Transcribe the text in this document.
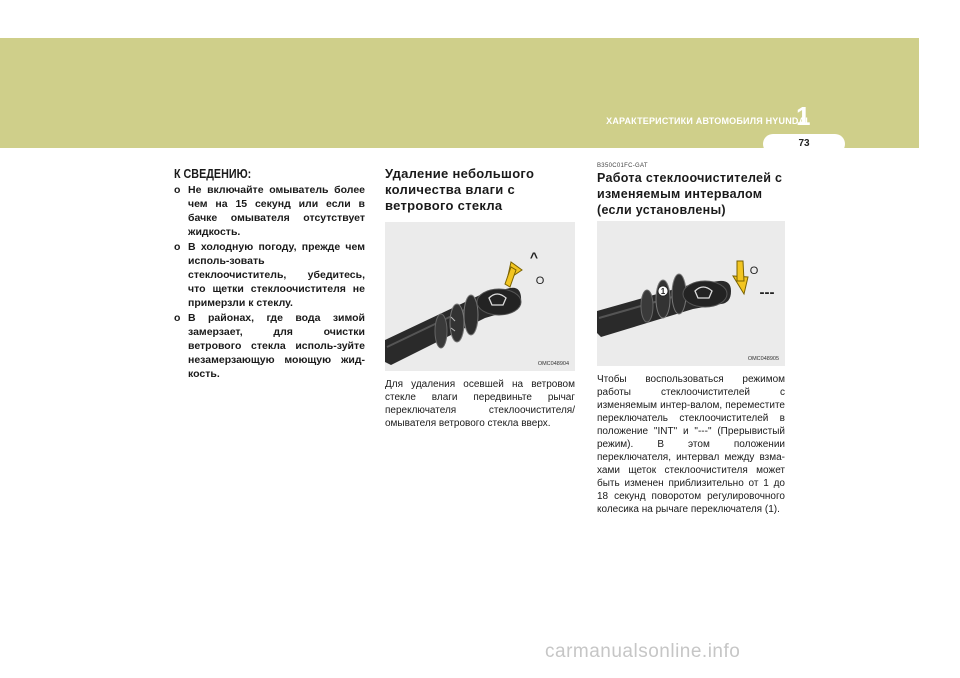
ХАРАКТЕРИСТИКИ АВТОМОБИЛЯ HYUNDAI
1
73
К СВЕДЕНИЮ:
o Не включайте омыватель более чем на 15 секунд или если в бачке омывателя отсутствует жидкость.
o В холодную погоду, прежде чем исполь-зовать стеклоочиститель, убедитесь, что щетки стеклоочистителя не примерзли к стеклу.
o В районах, где вода зимой замерзает, для очистки ветрового стекла исполь-зуйте незамерзающую моющую жид-кость.
Удаление небольшого количества влаги с ветрового стекла
^
O
OMC048904
Для удаления осевшей на ветровом стекле влаги передвиньте рычаг переключателя стеклоочистителя/ омывателя ветрового стекла вверх.
B350C01FC-GAT
Работа стеклоочистителей с изменяемым интервалом (если установлены)
1
O
---
OMC048905
Чтобы воспользоваться режимом работы стеклоочистителей с изменяемым интер-валом, переместите переключатель стеклоочистителей в положение "INT" и "---" (Прерывистый режим). В этом положении переключателя, интервал между взма-хами щеток стеклоочистителя может быть изменен приблизительно от 1 до 18 секунд поворотом регулировочного колесика на рычаге переключателя (1).
carmanualsonline.info
